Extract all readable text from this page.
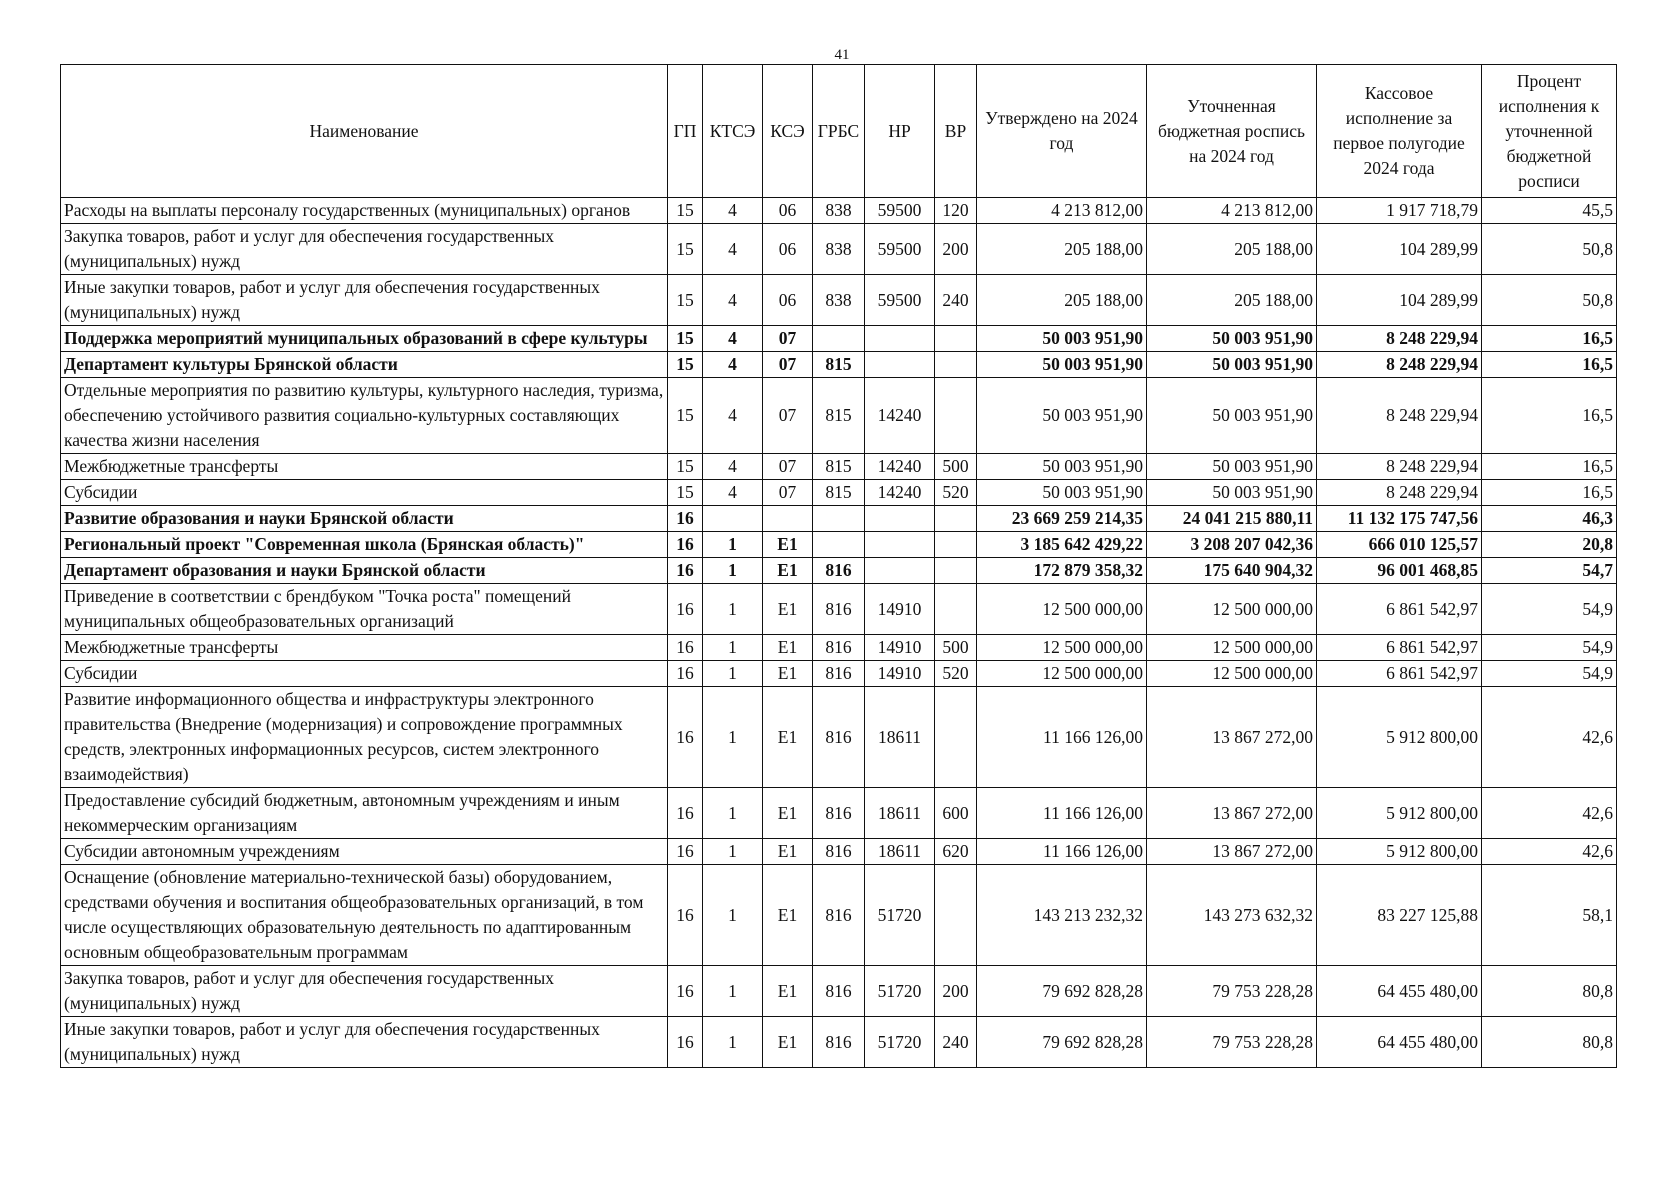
41
Наименование	ГП	КТСЭ	КСЭ	ГРБС	НР	ВР	Утверждено на 2024 год	Уточненная бюджетная роспись на 2024 год	Кассовое исполнение за первое полугодие 2024 года	Процент исполнения к уточненной бюджетной росписи
Расходы на выплаты персоналу государственных (муниципальных) органов	15	4	06	838	59500	120	4 213 812,00	4 213 812,00	1 917 718,79	45,5
Закупка товаров, работ и услуг для обеспечения государственных (муниципальных) нужд	15	4	06	838	59500	200	205 188,00	205 188,00	104 289,99	50,8
Иные закупки товаров, работ и услуг для обеспечения государственных (муниципальных) нужд	15	4	06	838	59500	240	205 188,00	205 188,00	104 289,99	50,8
Поддержка мероприятий муниципальных образований в сфере культуры	15	4	07				50 003 951,90	50 003 951,90	8 248 229,94	16,5
Департамент культуры Брянской области	15	4	07	815			50 003 951,90	50 003 951,90	8 248 229,94	16,5
Отдельные мероприятия по развитию культуры, культурного наследия, туризма, обеспечению устойчивого развития социально-культурных составляющих качества жизни населения	15	4	07	815	14240		50 003 951,90	50 003 951,90	8 248 229,94	16,5
Межбюджетные трансферты	15	4	07	815	14240	500	50 003 951,90	50 003 951,90	8 248 229,94	16,5
Субсидии	15	4	07	815	14240	520	50 003 951,90	50 003 951,90	8 248 229,94	16,5
Развитие образования и науки Брянской области	16						23 669 259 214,35	24 041 215 880,11	11 132 175 747,56	46,3
Региональный проект "Современная школа (Брянская область)"	16	1	E1				3 185 642 429,22	3 208 207 042,36	666 010 125,57	20,8
Департамент образования и науки Брянской области	16	1	E1	816			172 879 358,32	175 640 904,32	96 001 468,85	54,7
Приведение в соответствии с брендбуком "Точка роста" помещений муниципальных общеобразовательных организаций	16	1	E1	816	14910		12 500 000,00	12 500 000,00	6 861 542,97	54,9
Межбюджетные трансферты	16	1	E1	816	14910	500	12 500 000,00	12 500 000,00	6 861 542,97	54,9
Субсидии	16	1	E1	816	14910	520	12 500 000,00	12 500 000,00	6 861 542,97	54,9
Развитие информационного общества и инфраструктуры электронного правительства (Внедрение (модернизация) и сопровождение программных средств, электронных информационных ресурсов, систем электронного взаимодействия)	16	1	E1	816	18611		11 166 126,00	13 867 272,00	5 912 800,00	42,6
Предоставление субсидий бюджетным, автономным учреждениям и иным некоммерческим организациям	16	1	E1	816	18611	600	11 166 126,00	13 867 272,00	5 912 800,00	42,6
Субсидии автономным учреждениям	16	1	E1	816	18611	620	11 166 126,00	13 867 272,00	5 912 800,00	42,6
Оснащение (обновление материально-технической базы) оборудованием, средствами обучения и воспитания общеобразовательных организаций, в том числе осуществляющих образовательную деятельность по адаптированным основным общеобразовательным программам	16	1	E1	816	51720		143 213 232,32	143 273 632,32	83 227 125,88	58,1
Закупка товаров, работ и услуг для обеспечения государственных (муниципальных) нужд	16	1	E1	816	51720	200	79 692 828,28	79 753 228,28	64 455 480,00	80,8
Иные закупки товаров, работ и услуг для обеспечения государственных (муниципальных) нужд	16	1	E1	816	51720	240	79 692 828,28	79 753 228,28	64 455 480,00	80,8
